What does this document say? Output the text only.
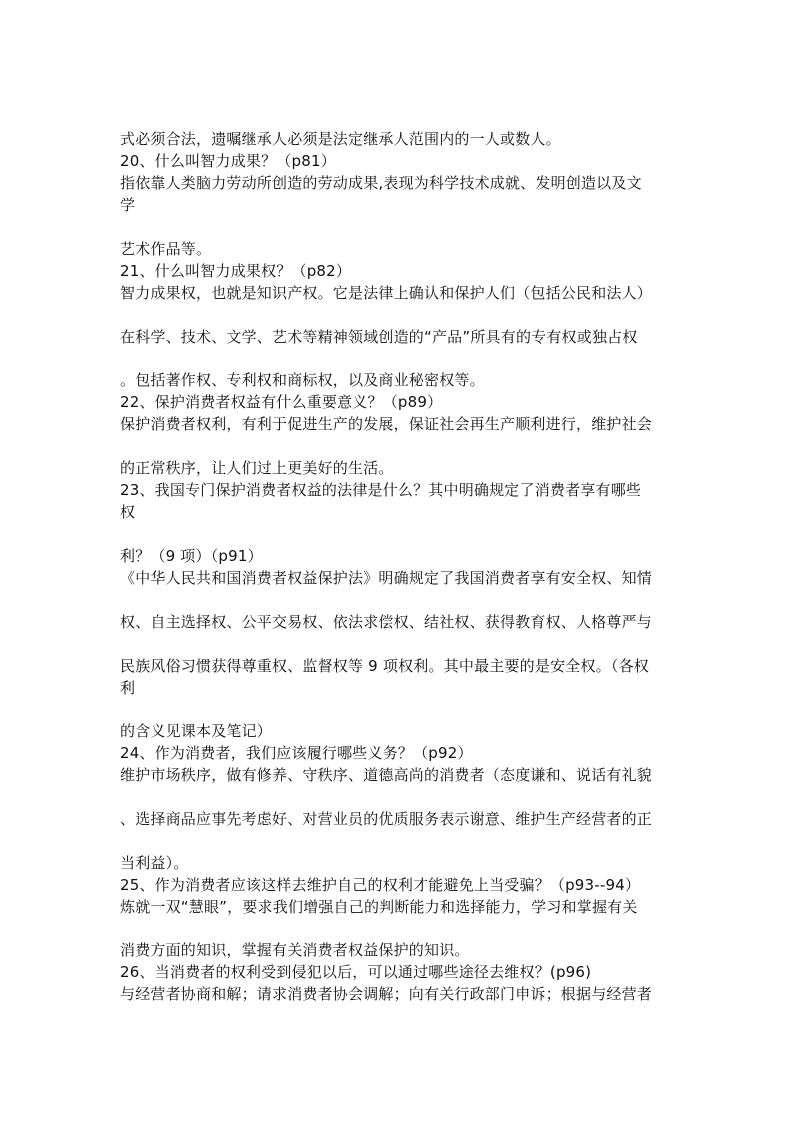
式必须合法，遗嘱继承人必须是法定继承人范围内的一人或数人。
20、什么叫智力成果？（p81）
指依靠人类脑力劳动所创造的劳动成果,表现为科学技术成就、发明创造以及文
学
艺术作品等。
21、什么叫智力成果权？（p82）
智力成果权，也就是知识产权。它是法律上确认和保护人们（包括公民和法人）
在科学、技术、文学、艺术等精神领域创造的“产品”所具有的专有权或独占权
。包括著作权、专利权和商标权，以及商业秘密权等。
22、保护消费者权益有什么重要意义？（p89）
保护消费者权利，有利于促进生产的发展，保证社会再生产顺利进行，维护社会
的正常秩序，让人们过上更美好的生活。
23、我国专门保护消费者权益的法律是什么？其中明确规定了消费者享有哪些
权
利？（9 项）（p91）
《中华人民共和国消费者权益保护法》明确规定了我国消费者享有安全权、知情
权、自主选择权、公平交易权、依法求偿权、结社权、获得教育权、人格尊严与
民族风俗习惯获得尊重权、监督权等 9 项权利。其中最主要的是安全权。（各权
利
的含义见课本及笔记）
24、作为消费者，我们应该履行哪些义务？（p92）
维护市场秩序，做有修养、守秩序、道德高尚的消费者（态度谦和、说话有礼貌
、选择商品应事先考虑好、对营业员的优质服务表示谢意、维护生产经营者的正
当利益）。
25、作为消费者应该这样去维护自己的权利才能避免上当受骗？（p93--94）
炼就一双“慧眼”，要求我们增强自己的判断能力和选择能力，学习和掌握有关
消费方面的知识，掌握有关消费者权益保护的知识。
26、当消费者的权利受到侵犯以后，可以通过哪些途径去维权？(p96)
与经营者协商和解；请求消费者协会调解；向有关行政部门申诉；根据与经营者
